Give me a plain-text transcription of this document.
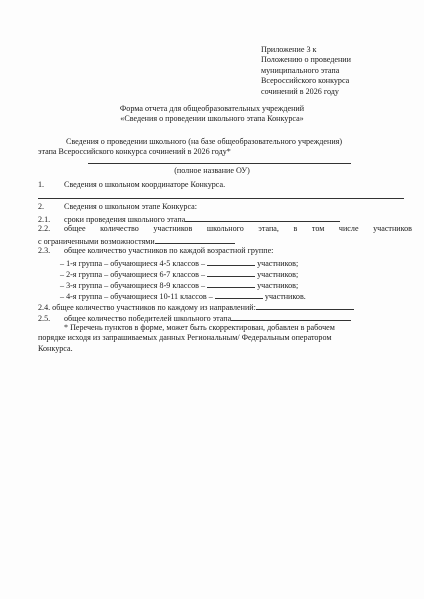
Приложение 3 к
Положению о проведении
муниципального этапа
Всероссийского конкурса
сочинений в 2026 году
Форма отчета для общеобразовательных учреждений
«Сведения о проведении школьного этапа Конкурса»
Сведения о проведении школьного (на базе общеобразовательного учреждения)
этапа Всероссийского конкурса сочинений в 2026 году*
(полное название ОУ)
1. Сведения о школьном координаторе Конкурса.
2. Сведения о школьном этапе Конкурса:
2.1. сроки проведения школьного этапа
2.2. общее количество участников школьного этапа, в том числе участников
с ограниченными возможностями
2.3. общее количество участников по каждой возрастной группе:
– 1-я группа – обучающиеся 4-5 классов –	участников;
– 2-я группа – обучающиеся 6-7 классов –	участников;
– 3-я группа – обучающиеся 8-9 классов –	участников;
– 4-я группа – обучающиеся 10-11 классов –	участников.
2.4. общее количество участников по каждому из направлений:
2.5. общее количество победителей школьного этапа
* Перечень пунктов в форме, может быть скорректирован, добавлен в рабочем
порядке исходя из запрашиваемых данных Региональным/ Федеральным оператором
Конкурса.
